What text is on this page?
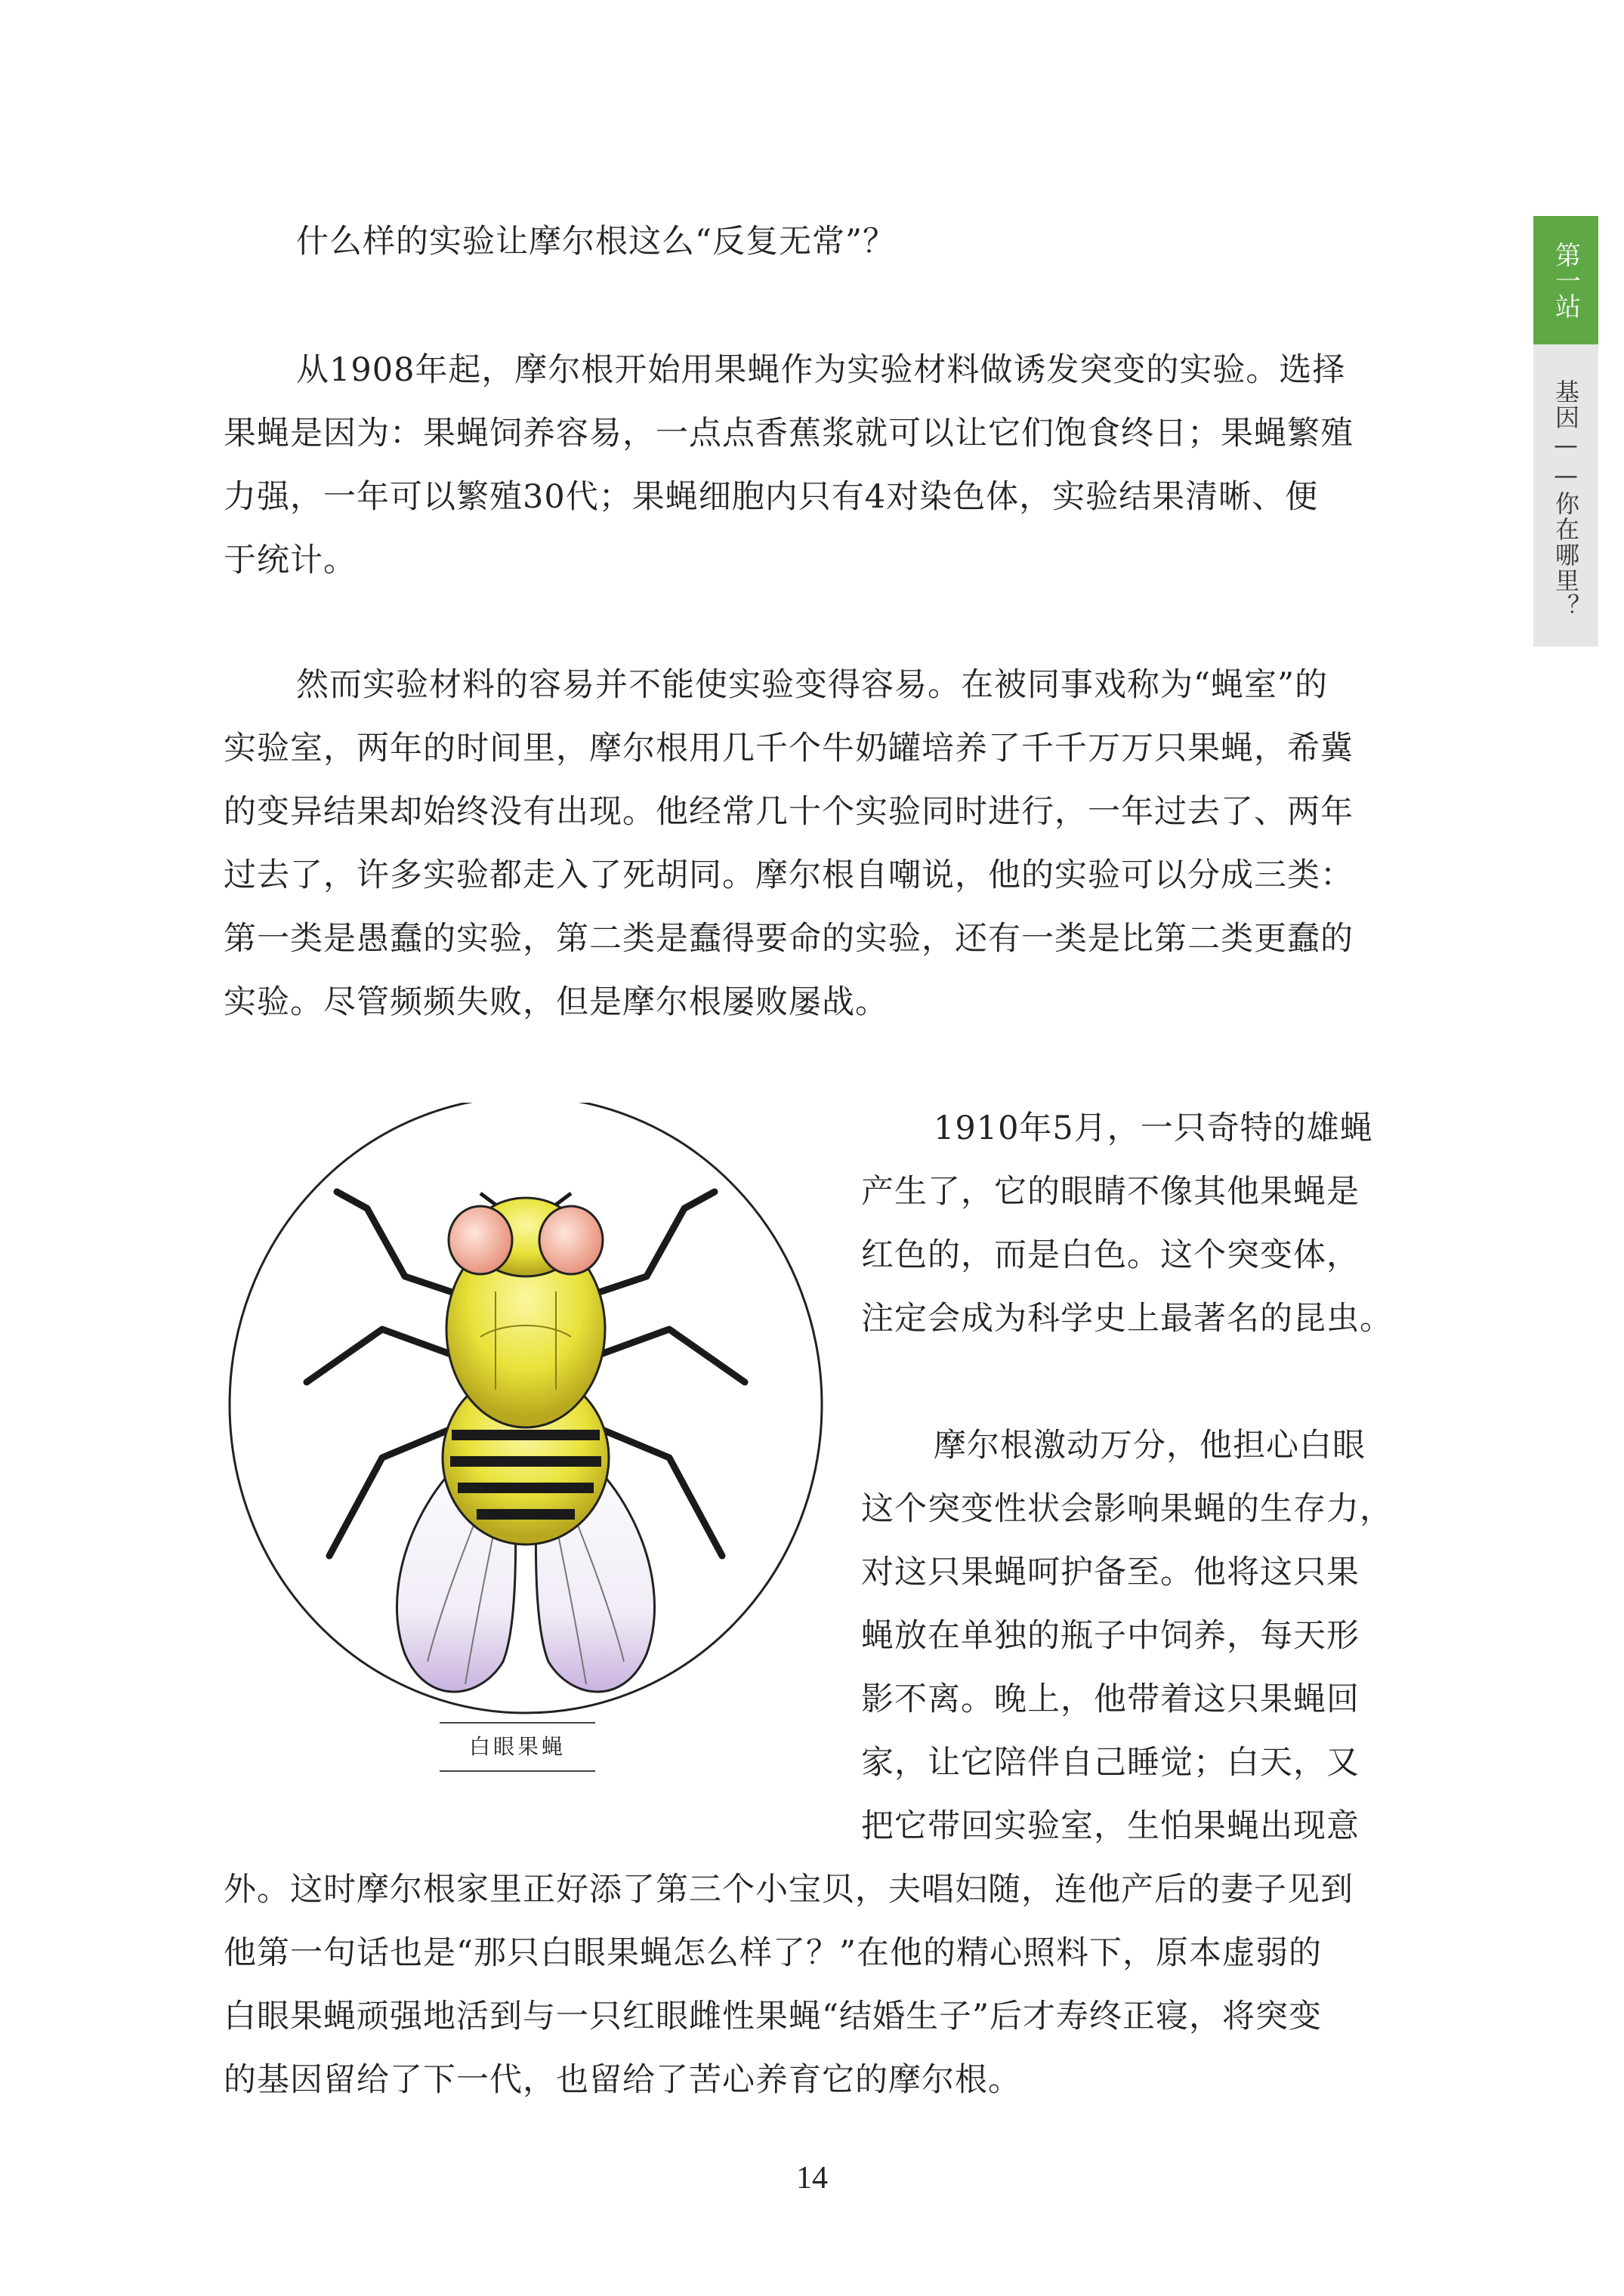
第一站
基因——你在哪里？

什么样的实验让摩尔根这么“反复无常”？

从1908年起，摩尔根开始用果蝇作为实验材料做诱发突变的实验。选择
果蝇是因为：果蝇饲养容易，一点点香蕉浆就可以让它们饱食终日；果蝇繁殖
力强，一年可以繁殖30代；果蝇细胞内只有4对染色体，实验结果清晰、便
于统计。

然而实验材料的容易并不能使实验变得容易。在被同事戏称为“蝇室”的
实验室，两年的时间里，摩尔根用几千个牛奶罐培养了千千万万只果蝇，希冀
的变异结果却始终没有出现。他经常几十个实验同时进行，一年过去了、两年
过去了，许多实验都走入了死胡同。摩尔根自嘲说，他的实验可以分成三类：
第一类是愚蠢的实验，第二类是蠢得要命的实验，还有一类是比第二类更蠢的
实验。尽管频频失败，但是摩尔根屡败屡战。

白眼果蝇

1910年5月，一只奇特的雄蝇
产生了，它的眼睛不像其他果蝇是
红色的，而是白色。这个突变体，
注定会成为科学史上最著名的昆虫。

摩尔根激动万分，他担心白眼
这个突变性状会影响果蝇的生存力，
对这只果蝇呵护备至。他将这只果
蝇放在单独的瓶子中饲养，每天形
影不离。晚上，他带着这只果蝇回
家，让它陪伴自己睡觉；白天，又
把它带回实验室，生怕果蝇出现意

外。这时摩尔根家里正好添了第三个小宝贝，夫唱妇随，连他产后的妻子见到
他第一句话也是“那只白眼果蝇怎么样了？”在他的精心照料下，原本虚弱的
白眼果蝇顽强地活到与一只红眼雌性果蝇“结婚生子”后才寿终正寝，将突变
的基因留给了下一代，也留给了苦心养育它的摩尔根。

14
